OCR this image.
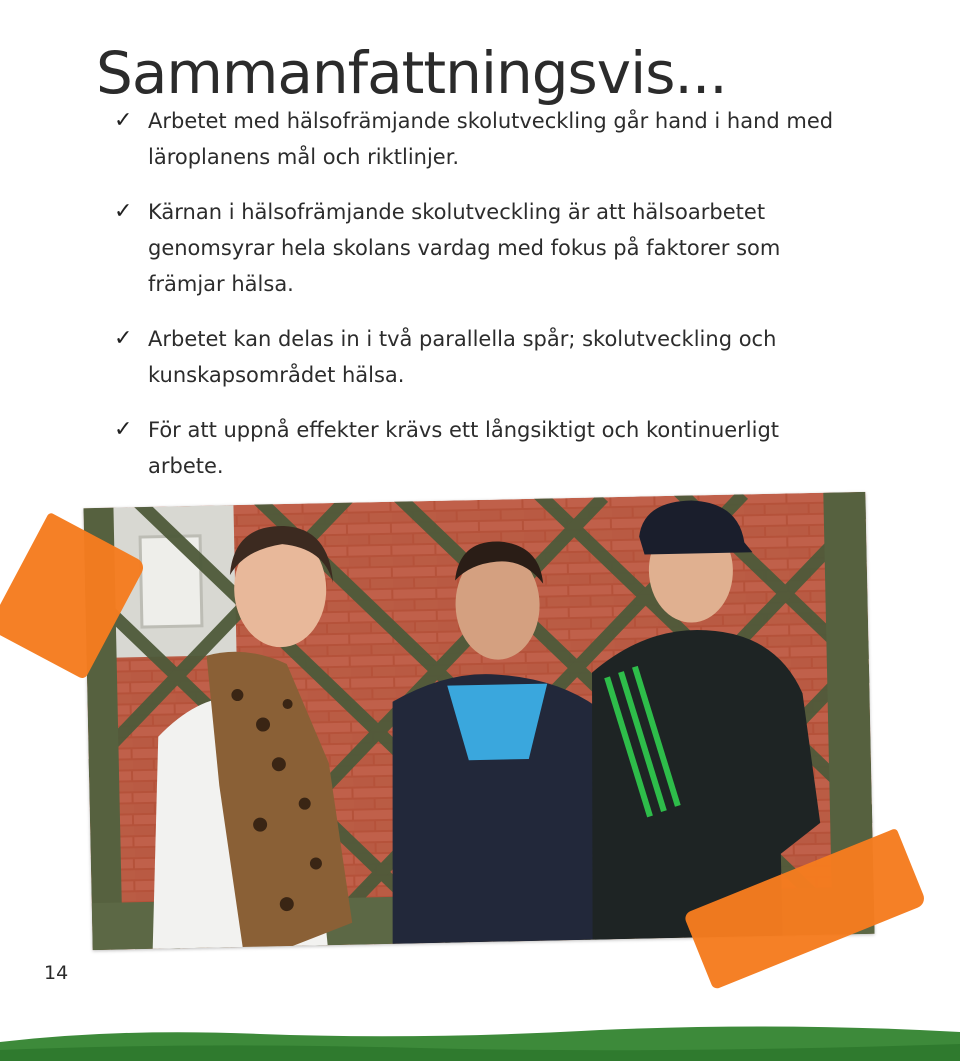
Sammanfattningsvis...
✓ Arbetet med hälsofrämjande skolutveckling går hand i hand med läroplanens mål och riktlinjer.
✓ Kärnan i hälsofrämjande skolutveckling är att hälsoarbetet genomsyrar hela skolans vardag med fokus på faktorer som främjar hälsa.
✓ Arbetet kan delas in i två parallella spår; skolutveckling och kunskapsområdet hälsa.
✓ För att uppnå effekter krävs ett långsiktigt och kontinuerligt arbete.
14
